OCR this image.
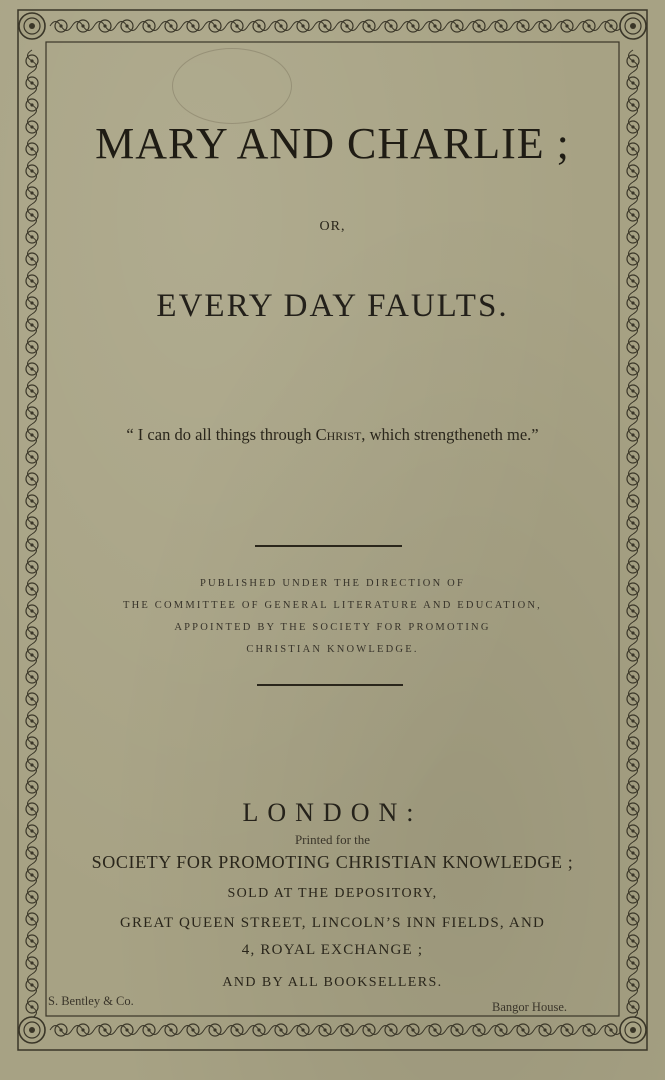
MARY AND CHARLIE ;
OR,
EVERY DAY FAULTS.
“ I can do all things through Christ, which strengtheneth me.”
PUBLISHED UNDER THE DIRECTION OF
THE COMMITTEE OF GENERAL LITERATURE AND EDUCATION,
APPOINTED BY THE SOCIETY FOR PROMOTING
CHRISTIAN KNOWLEDGE.
LONDON:
Printed for the
SOCIETY FOR PROMOTING CHRISTIAN KNOWLEDGE ;
SOLD AT THE DEPOSITORY,
GREAT QUEEN STREET, LINCOLN’S INN FIELDS, AND
4, ROYAL EXCHANGE ;
AND BY ALL BOOKSELLERS.
S. Bentley & Co.	Bangor House.
